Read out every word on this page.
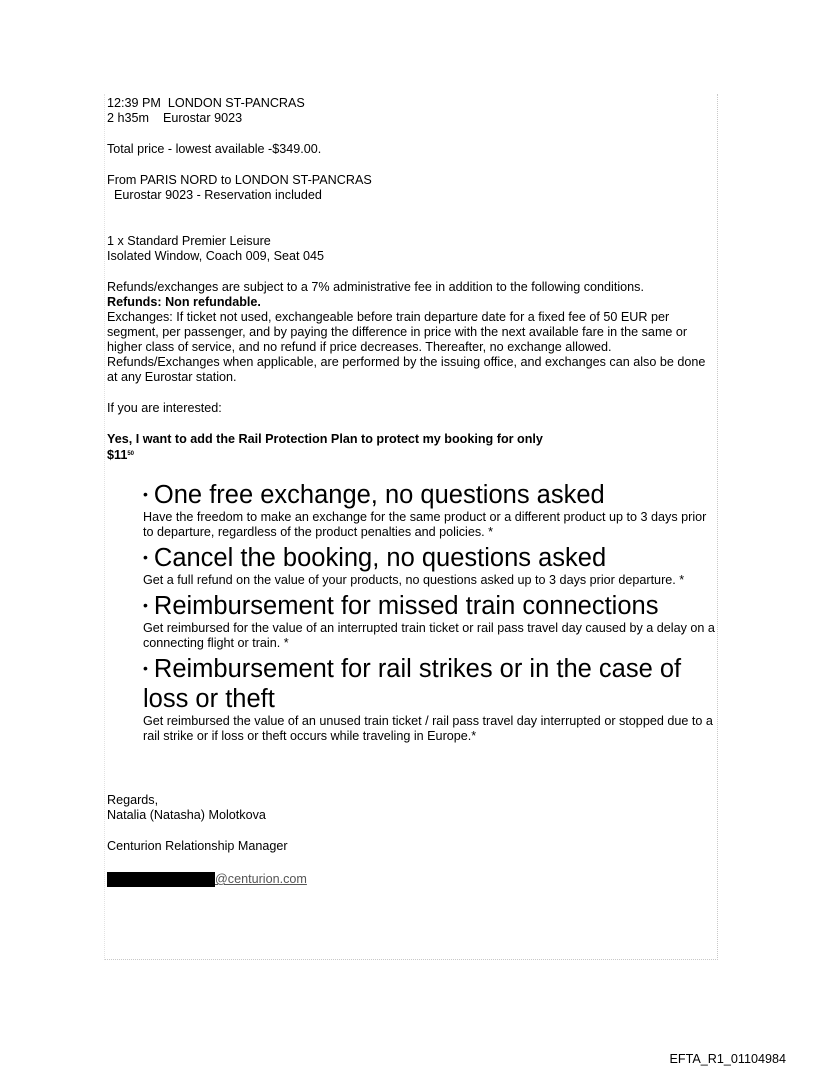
12:39 PM  LONDON ST-PANCRAS

2 h35m    Eurostar 9023

Total price - lowest available -$349.00.

From PARIS NORD to LONDON ST-PANCRAS

Eurostar 9023 - Reservation included

1 x Standard Premier Leisure

Isolated Window, Coach 009, Seat 045

Refunds/exchanges are subject to a 7% administrative fee in addition to the following conditions.

Refunds: Non refundable.

Exchanges: If ticket not used, exchangeable before train departure date for a fixed fee of 50 EUR per segment, per passenger, and by paying the difference in price with the next available fare in the same or higher class of service, and no refund if price decreases. Thereafter, no exchange allowed.

Refunds/Exchanges when applicable, are performed by the issuing office, and exchanges can also be done at any Eurostar station.

If you are interested:

Yes, I want to add the Rail Protection Plan to protect my booking for only

$\$11^{50}$

• One free exchange, no questions asked

Have the freedom to make an exchange for the same product or a different product up to 3 days prior to departure, regardless of the product penalties and policies. *

• Cancel the booking, no questions asked

Get a full refund on the value of your products, no questions asked up to 3 days prior departure. *

• Reimbursement for missed train connections

Get reimbursed for the value of an interrupted train ticket or rail pass travel day caused by a delay on a connecting flight or train. *

• Reimbursement for rail strikes or in the case of loss or theft

Get reimbursed the value of an unused train ticket / rail pass travel day interrupted or stopped due to a rail strike or if loss or theft occurs while traveling in Europe.*

Regards,

Natalia (Natasha) Molotkova

Centurion Relationship Manager

@centurion.com
EFTA_R1_01104984
